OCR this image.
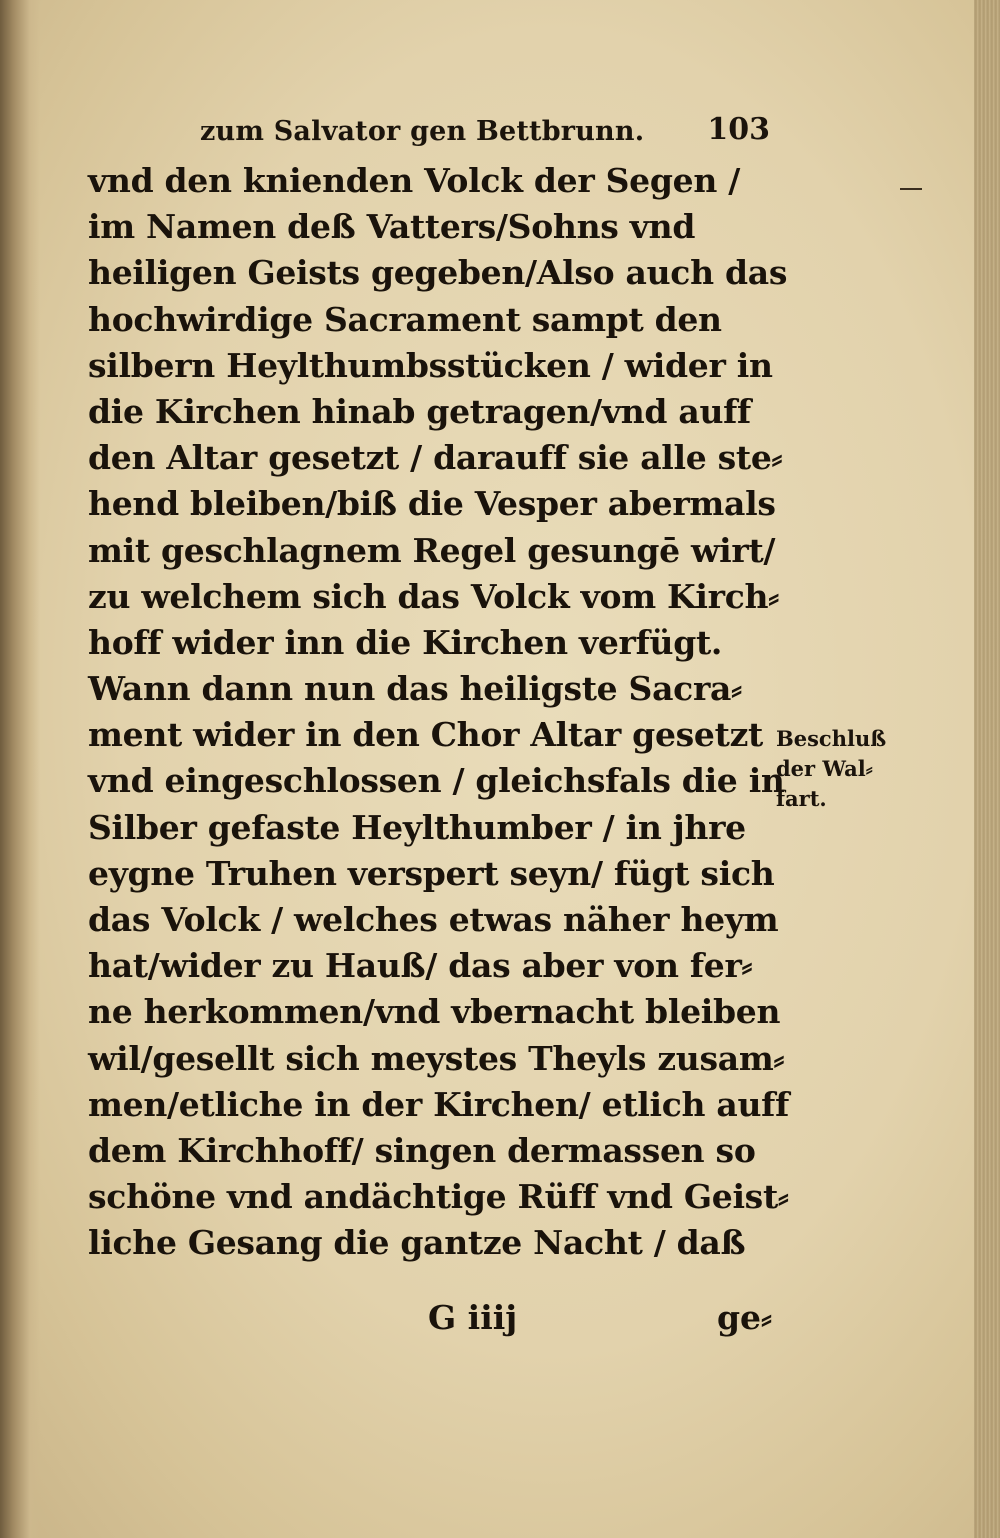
zum Salvator gen Bettbrunn. 103
vnd den knienden Volck der Segen /
im Namen deß Vatters/Sohns vnd
heiligen Geists gegeben/Also auch das
hochwirdige Sacrament sampt den
silbern Heylthumbsstücken / wider in
die Kirchen hinab getragen/vnd auff
den Altar gesetzt / darauff sie alle ste⸗
hend bleiben/biß die Vesper abermals
mit geschlagnem Regel gesungē wirt/
zu welchem sich das Volck vom Kirch⸗
hoff wider inn die Kirchen verfügt.
Wann dann nun das heiligste Sacra⸗
ment wider in den Chor Altar gesetzt
vnd eingeschlossen / gleichsfals die in
Silber gefaste Heylthumber / in jhre
eygne Truhen verspert seyn/ fügt sich
das Volck / welches etwas näher heym
hat/wider zu Hauß/ das aber von fer⸗
ne herkommen/vnd vbernacht bleiben
wil/gesellt sich meystes Theyls zusam⸗
men/etliche in der Kirchen/ etlich auff
dem Kirchhoff/ singen dermassen so
schöne vnd andächtige Rüff vnd Geist⸗
liche Gesang die gantze Nacht / daß
Beschluß
der Wal⸗
fart.
G iiij	ge⸗
